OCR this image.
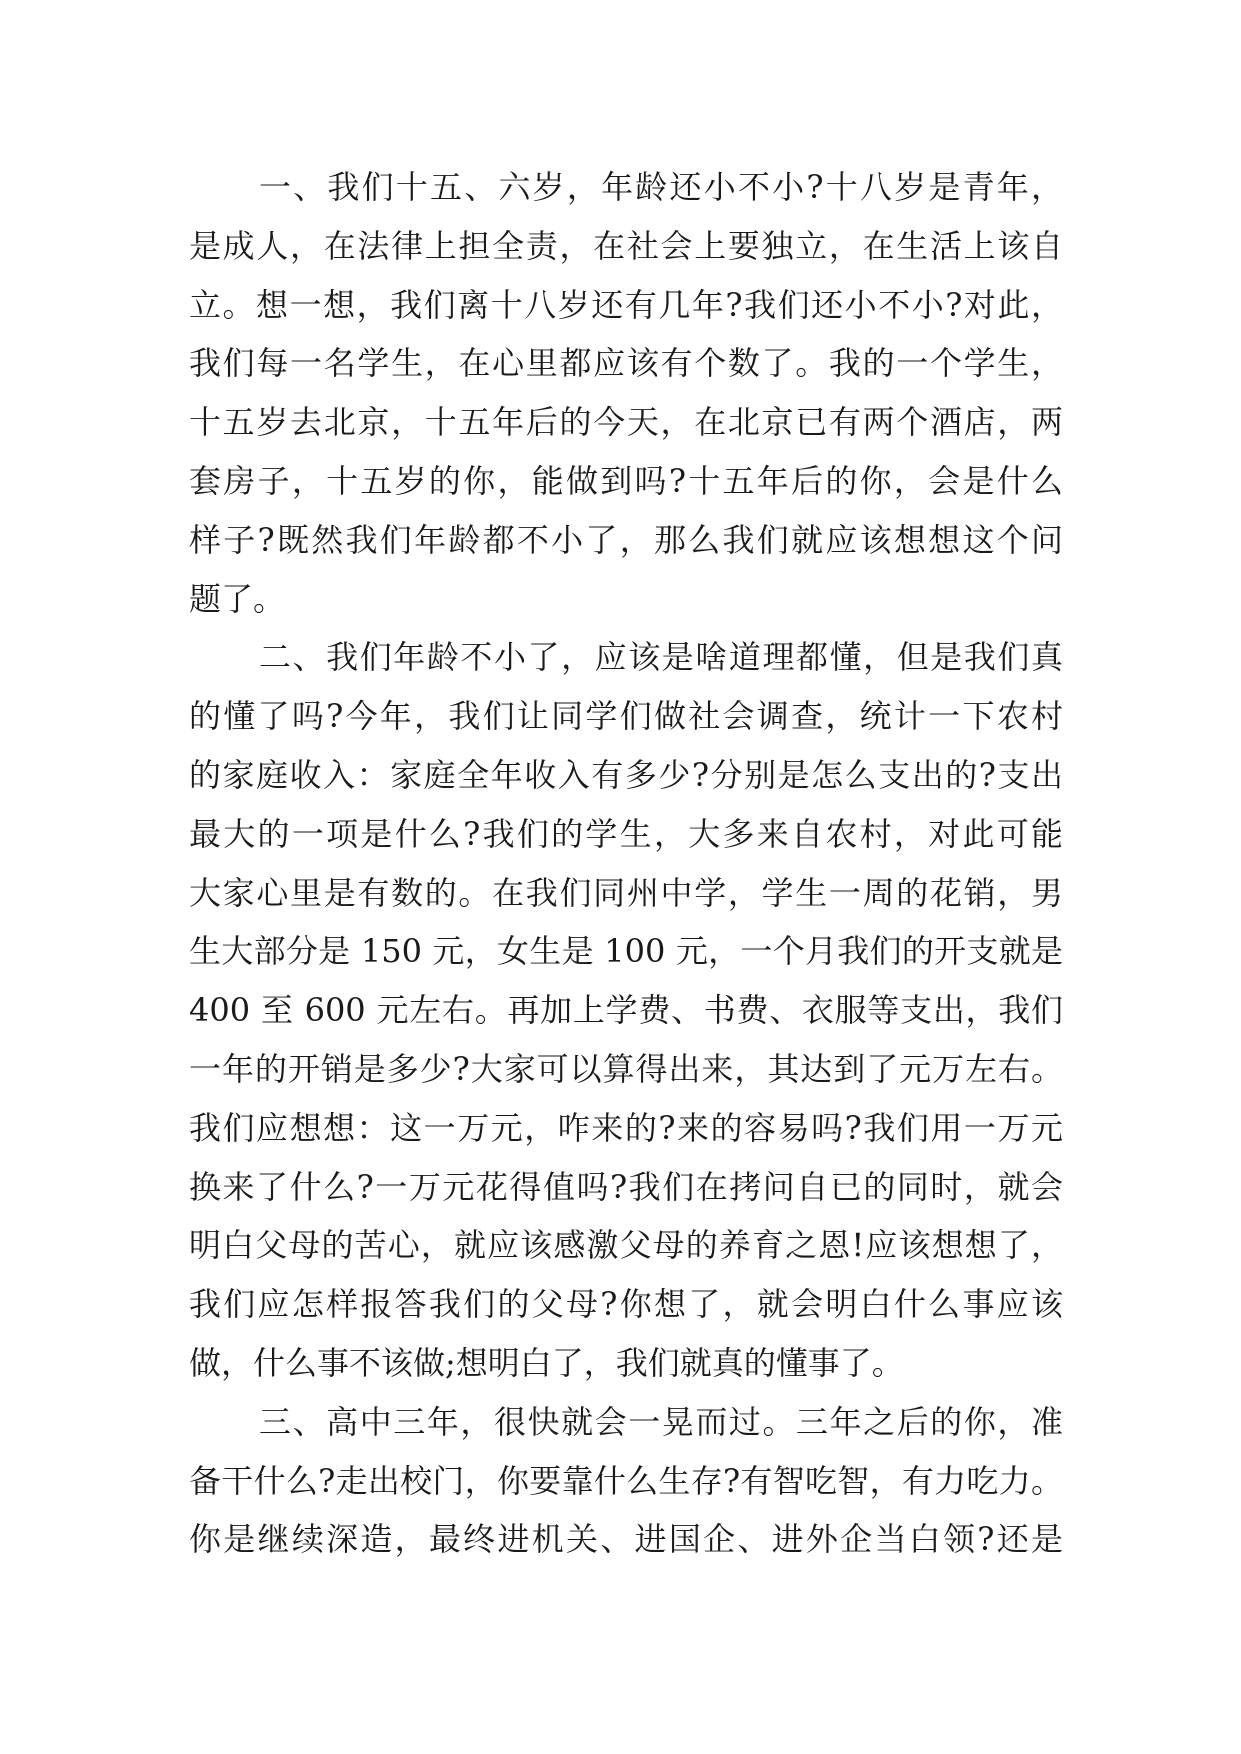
一、我们十五、六岁，年龄还小不小?十八岁是青年，
是成人，在法律上担全责，在社会上要独立，在生活上该自
立。想一想，我们离十八岁还有几年?我们还小不小?对此，
我们每一名学生，在心里都应该有个数了。我的一个学生，
十五岁去北京，十五年后的今天，在北京已有两个酒店，两
套房子，十五岁的你，能做到吗?十五年后的你，会是什么
样子?既然我们年龄都不小了，那么我们就应该想想这个问
题了。
二、我们年龄不小了，应该是啥道理都懂，但是我们真
的懂了吗?今年，我们让同学们做社会调查，统计一下农村
的家庭收入：家庭全年收入有多少?分别是怎么支出的?支出
最大的一项是什么?我们的学生，大多来自农村，对此可能
大家心里是有数的。在我们同州中学，学生一周的花销，男
生大部分是 150 元，女生是 100 元，一个月我们的开支就是
400 至 600 元左右。再加上学费、书费、衣服等支出，我们
一年的开销是多少?大家可以算得出来，其达到了元万左右。
我们应想想：这一万元，咋来的?来的容易吗?我们用一万元
换来了什么?一万元花得值吗?我们在拷问自已的同时，就会
明白父母的苦心，就应该感激父母的养育之恩!应该想想了，
我们应怎样报答我们的父母?你想了，就会明白什么事应该
做，什么事不该做;想明白了，我们就真的懂事了。
三、高中三年，很快就会一晃而过。三年之后的你，准
备干什么?走出校门，你要靠什么生存?有智吃智，有力吃力。
你是继续深造，最终进机关、进国企、进外企当白领?还是
